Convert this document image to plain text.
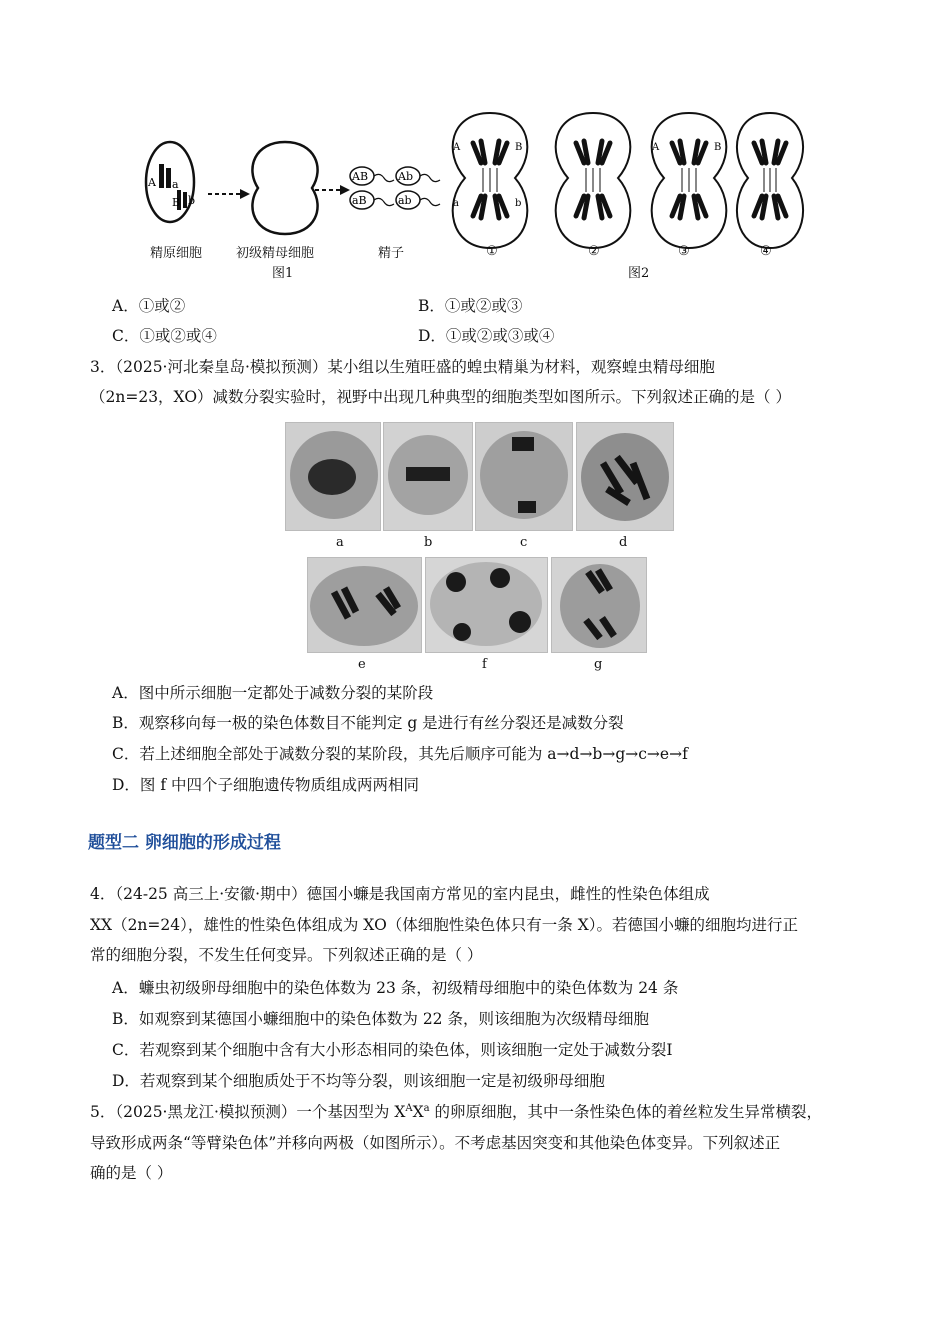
A a
B b
AB	Ab
aB	ab
A	B
a	b
A	B
精原细胞	初级精母细胞	精子	①	②	③	④
图1	图2
A．①或②	B．①或②或③
C．①或②或④	D．①或②或③或④
3．（2025·河北秦皇岛·模拟预测）某小组以生殖旺盛的蝗虫精巢为材料，观察蝗虫精母细胞
（2n=23，XO）减数分裂实验时，视野中出现几种典型的细胞类型如图所示。下列叙述正确的是（ ）
a	b	c	d
e	f	g
A．图中所示细胞一定都处于减数分裂的某阶段
B．观察移向每一极的染色体数目不能判定 g 是进行有丝分裂还是减数分裂
C．若上述细胞全部处于减数分裂的某阶段，其先后顺序可能为 a→d→b→g→c→e→f
D．图 f 中四个子细胞遗传物质组成两两相同
题型二 卵细胞的形成过程
4．（24-25 高三上·安徽·期中）德国小蠊是我国南方常见的室内昆虫，雌性的性染色体组成
XX（2n=24），雄性的性染色体组成为 XO（体细胞性染色体只有一条 X）。若德国小蠊的细胞均进行正
常的细胞分裂，不发生任何变异。下列叙述正确的是（ ）
A．蠊虫初级卵母细胞中的染色体数为 23 条，初级精母细胞中的染色体数为 24 条
B．如观察到某德国小蠊细胞中的染色体数为 22 条，则该细胞为次级精母细胞
C．若观察到某个细胞中含有大小形态相同的染色体，则该细胞一定处于减数分裂Ⅰ
D．若观察到某个细胞质处于不均等分裂，则该细胞一定是初级卵母细胞
5．（2025·黑龙江·模拟预测）一个基因型为 $X^AX^a$ 的卵原细胞，其中一条性染色体的着丝粒发生异常横裂，
导致形成两条“等臂染色体”并移向两极（如图所示）。不考虑基因突变和其他染色体变异。下列叙述正
确的是（ ）
